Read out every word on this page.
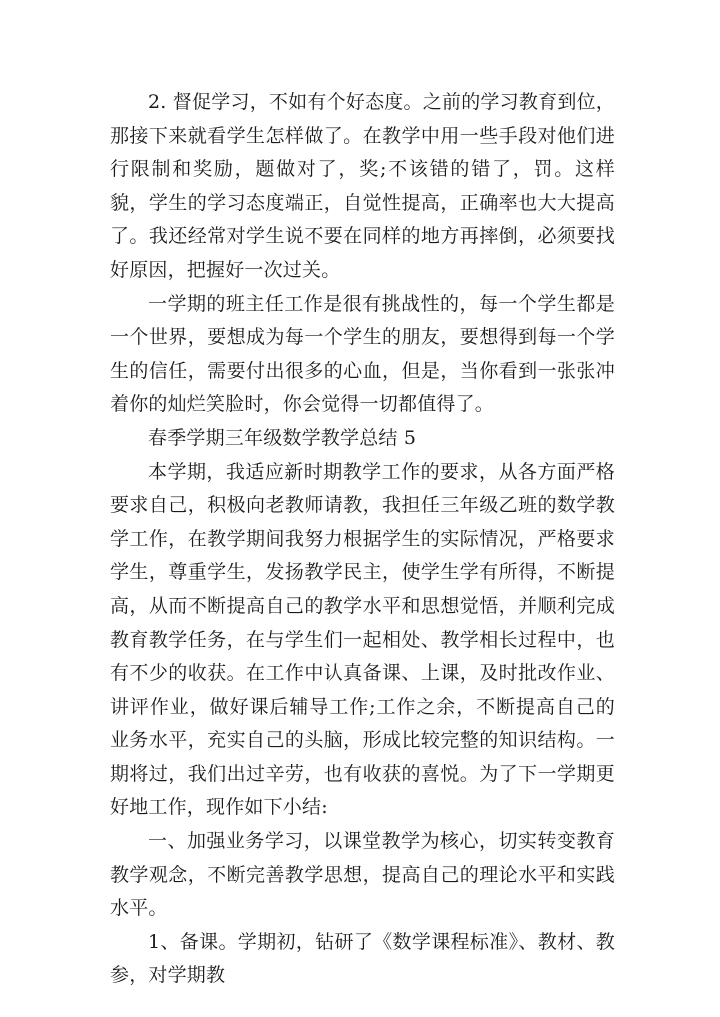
2. 督促学习，不如有个好态度。之前的学习教育到位，那接下来就看学生怎样做了。在教学中用一些手段对他们进行限制和奖励，题做对了，奖;不该错的错了，罚。这样貌，学生的学习态度端正，自觉性提高，正确率也大大提高了。我还经常对学生说不要在同样的地方再摔倒，必须要找好原因，把握好一次过关。

一学期的班主任工作是很有挑战性的，每一个学生都是一个世界，要想成为每一个学生的朋友，要想得到每一个学生的信任，需要付出很多的心血，但是，当你看到一张张冲着你的灿烂笑脸时，你会觉得一切都值得了。

春季学期三年级数学教学总结 5

本学期，我适应新时期教学工作的要求，从各方面严格要求自己，积极向老教师请教，我担任三年级乙班的数学教学工作，在教学期间我努力根据学生的实际情况，严格要求学生，尊重学生，发扬教学民主，使学生学有所得，不断提高，从而不断提高自己的教学水平和思想觉悟，并顺利完成教育教学任务，在与学生们一起相处、教学相长过程中，也有不少的收获。在工作中认真备课、上课，及时批改作业、讲评作业，做好课后辅导工作;工作之余，不断提高自己的业务水平，充实自己的头脑，形成比较完整的知识结构。一期将过，我们出过辛劳，也有收获的喜悦。为了下一学期更好地工作，现作如下小结:

一、加强业务学习，以课堂教学为核心，切实转变教育教学观念，不断完善教学思想，提高自己的理论水平和实践水平。

1、备课。学期初，钻研了《数学课程标准》、教材、教参，对学期教
